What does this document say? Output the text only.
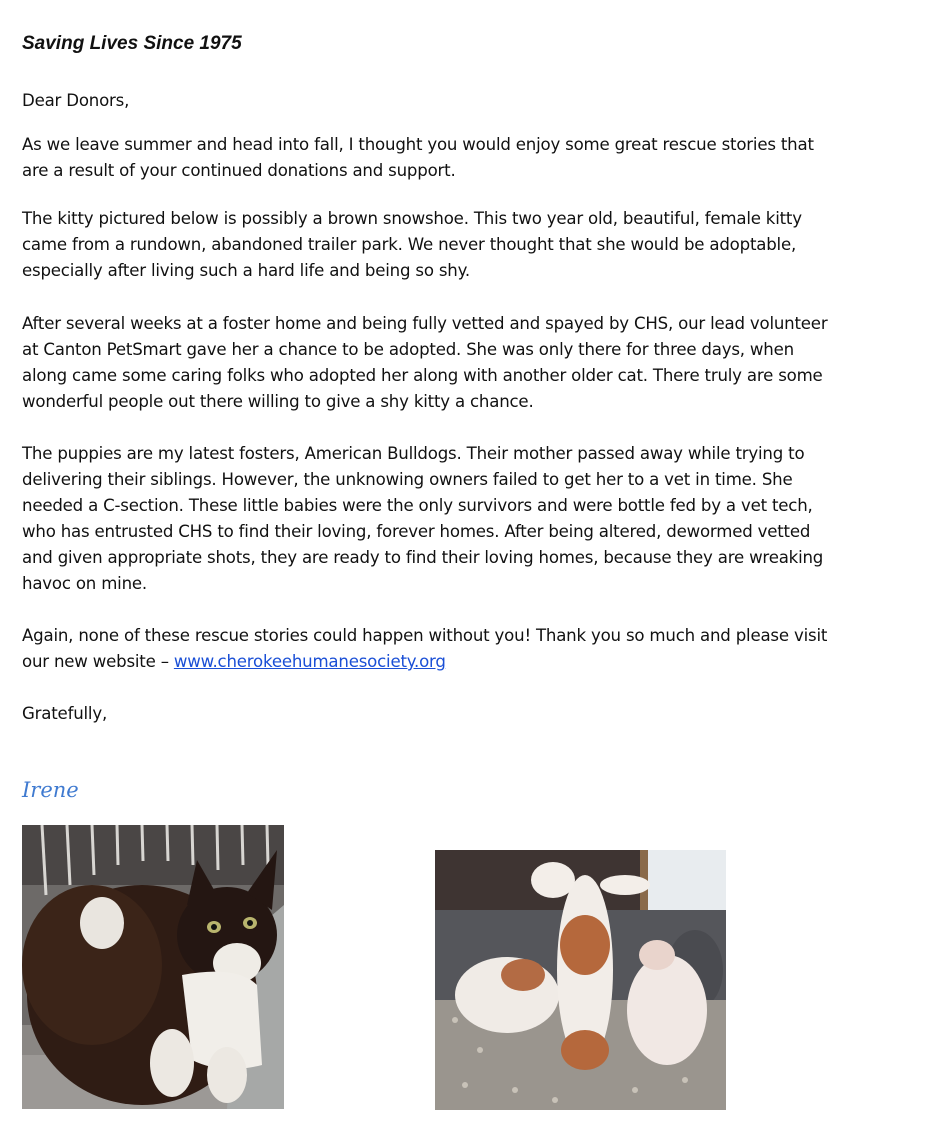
Saving Lives Since 1975

Dear Donors,

As we leave summer and head into fall, I thought you would enjoy some great rescue stories that
are a result of your continued donations and support.

The kitty pictured below is possibly a brown snowshoe. This two year old, beautiful, female kitty
came from a rundown, abandoned trailer park. We never thought that she would be adoptable,
especially after living such a hard life and being so shy.

After several weeks at a foster home and being fully vetted and spayed by CHS, our lead volunteer
at Canton PetSmart gave her a chance to be adopted. She was only there for three days, when
along came some caring folks who adopted her along with another older cat. There truly are some
wonderful people out there willing to give a shy kitty a chance.

The puppies are my latest fosters, American Bulldogs. Their mother passed away while trying to
delivering their siblings. However, the unknowing owners failed to get her to a vet in time. She
needed a C-section. These little babies were the only survivors and were bottle fed by a vet tech,
who has entrusted CHS to find their loving, forever homes. After being altered, dewormed vetted
and given appropriate shots, they are ready to find their loving homes, because they are wreaking
havoc on mine.

Again, none of these rescue stories could happen without you! Thank you so much and please visit
our new website – www.cherokeehumanesociety.org

Gratefully,

Irene
